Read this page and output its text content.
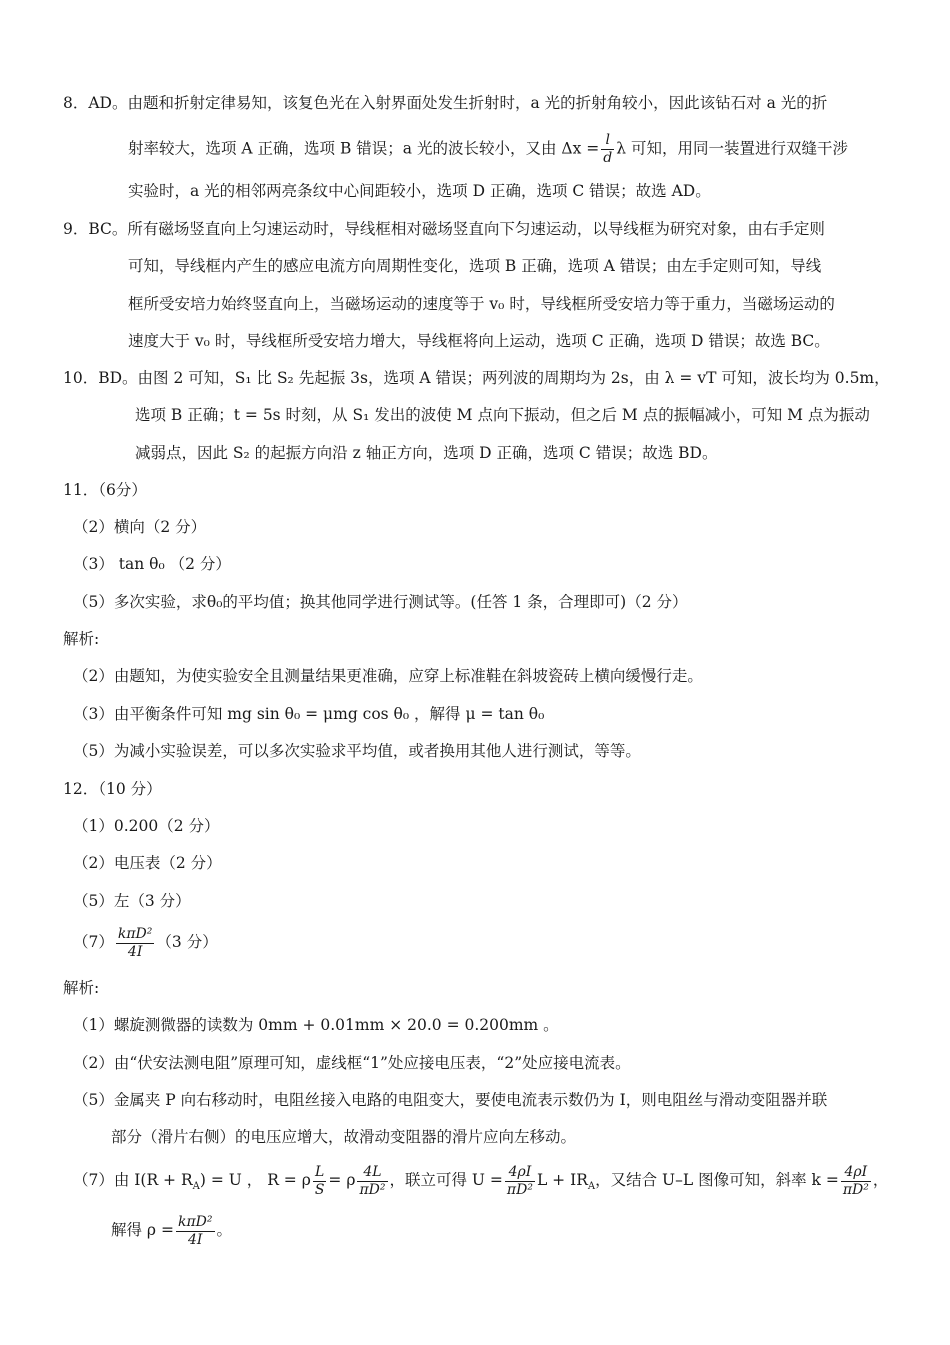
8．AD。由题和折射定律易知，该复色光在入射界面处发生折射时，a 光的折射角较小，因此该钻石对 a 光的折
射率较大，选项 A 正确，选项 B 错误；a 光的波长较小，又由 $\Delta x = \frac{l}{d}$ λ 可知，用同一装置进行双缝干涉
实验时，a 光的相邻两亮条纹中心间距较小，选项 D 正确，选项 C 错误；故选 AD。
9．BC。所有磁场竖直向上匀速运动时，导线框相对磁场竖直向下匀速运动，以导线框为研究对象，由右手定则
可知，导线框内产生的感应电流方向周期性变化，选项 B 正确，选项 A 错误；由左手定则可知，导线
框所受安培力始终竖直向上，当磁场运动的速度等于 v₀ 时，导线框所受安培力等于重力，当磁场运动的
速度大于 v₀ 时，导线框所受安培力增大，导线框将向上运动，选项 C 正确，选项 D 错误；故选 BC。
10．BD。由图 2 可知，S₁ 比 S₂ 先起振 3s，选项 A 错误；两列波的周期均为 2s，由 λ = vT 可知，波长均为 0.5m，
选项 B 正确；t = 5s 时刻，从 S₁ 发出的波使 M 点向下振动，但之后 M 点的振幅减小，可知 M 点为振动
减弱点，因此 S₂ 的起振方向沿 z 轴正方向，选项 D 正确，选项 C 错误；故选 BD。
11．（6分）
（2）横向（2 分）
（3） tan θ₀ （2 分）
（5）多次实验，求θ₀的平均值；换其他同学进行测试等。(任答 1 条，合理即可)（2 分）
解析:
（2）由题知，为使实验安全且测量结果更准确，应穿上标准鞋在斜坡瓷砖上横向缓慢行走。
（3）由平衡条件可知 mg sin θ₀ = μmg cos θ₀ ，解得 μ = tan θ₀
（5）为减小实验误差，可以多次实验求平均值，或者换用其他人进行测试，等等。
12．（10 分）
（1）0.200（2 分）
（2）电压表（2 分）
（5）左（3 分）
$(7) \frac{\text{kπD²}}{4I} (3$ 分）
解析:
（1）螺旋测微器的读数为 0mm + 0.01mm × 20.0 = 0.200mm 。
（2）由“伏安法测电阻”原理可知，虚线框“1”处应接电压表，“2”处应接电流表。
（5）金属夹 P 向右移动时，电阻丝接入电路的电阻变大，要使电流表示数仍为 I，则电阻丝与滑动变阻器并联
部分（滑片右侧）的电压应增大，故滑动变阻器的滑片应向左移动。
（7）由 $I(R + R_A) = U$ ， R = ρ $\frac{L}{S} = \rho \frac{4L}{\text{πD²}}$ ，联立可得 $U = \frac{4\rho I}{\text{πD²}}$ $L + IR_A$，又结合 U–L 图像可知，斜率 $k = \frac{4\rho I}{\text{πD²}}$ ，
解得 $\rho = \frac{\text{kπD²}}{4I}$ 。
